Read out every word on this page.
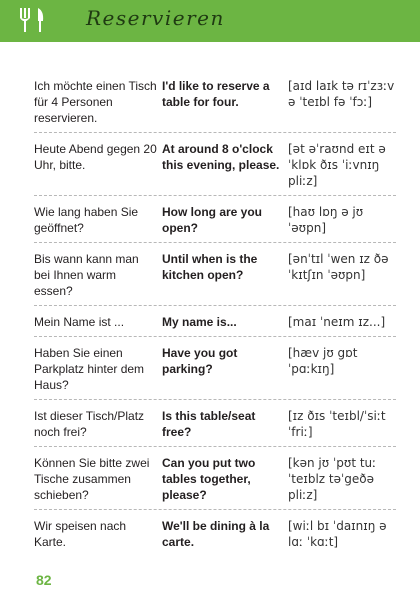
Reservieren
Ich möchte einen Tisch für 4 Personen reservieren.
I'd like to reserve a table for four.
[aɪd laɪk tə rɪˈzɜːv ə ˈteɪbl fə ˈfɔː]
Heute Abend gegen 20 Uhr, bitte.
At around 8 o'clock this evening, please.
[ət əˈraʊnd eɪt əˈklɒk ðɪs ˈiːvnɪŋ pliːz]
Wie lang haben Sie geöffnet?
How long are you open?
[haʊ lɒŋ ə jʊ ˈəʊpn]
Bis wann kann man bei Ihnen warm essen?
Until when is the kitchen open?
[ənˈtɪl ˈwen ɪz ðə ˈkɪtʃɪn ˈəʊpn]
Mein Name ist ...	My name is...	[maɪ ˈneɪm ɪz...]
Haben Sie einen Parkplatz hinter dem Haus?
Have you got parking?
[hæv jʊ gɒt ˈpɑːkɪŋ]
Ist dieser Tisch/Platz noch frei?
Is this table/seat free?
[ɪz ðɪs ˈteɪbl/ˈsiːt ˈfriː]
Können Sie bitte zwei Tische zusammen schieben?
Can you put two tables together, please?
[kən jʊ ˈpʊt tuː ˈteɪblz təˈgeðə pliːz]
Wir speisen nach Karte.
We'll be dining à la carte.
[wiːl bɪ ˈdaɪnɪŋ ə lɑː ˈkɑːt]
82
